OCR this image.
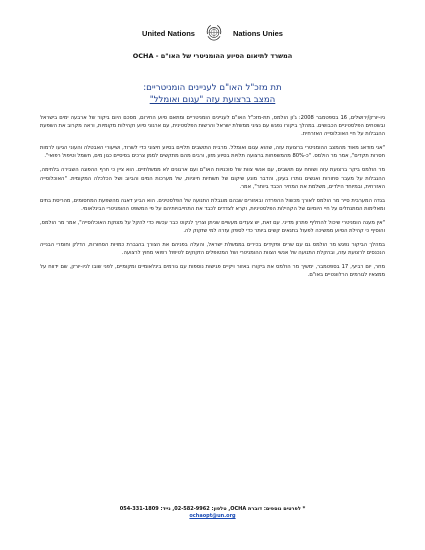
United Nations	Nations Unies
המשרד לתיאום הסיוע ההומניטרי של האו"ם - OCHA
תת מזכ"ל האו"ם לעניינים הומניטריים:
המצב ברצועת עזה "עגום ואומלל"

ניו-יורק/ירושלים, 16 בספטמבר 2008: ג'ון הולמס, תת-מזכ"ל האו"ם לעניינים הומניטריים ומתאם סיוע החירום, מסכם היום ביקור של ארבעה ימים בישראל ובשטחים הפלסטיניים הכבושים. במהלך ביקורו נפגש עם נציגי ממשלת ישראל והרשות הפלסטינית, עם ארגוני סיוע וקהילות מקומיות, וראה מקרוב את השפעת ההגבלות על חיי האוכלוסייה האזרחית.

"אני מודאג מאוד מהמצב ההומניטרי ברצועת עזה, שהוא עגום ואומלל. מרבית התושבים תלויים בסיוע חיצוני כדי לשרוד, ושיעורי האבטלה והעוני הגיעו לרמות חסרות תקדים", אמר מר הולמס. "כ-80% מהמשפחות ברצועה תלויות בסיוע מזון, ורבים מהם מתקשים לממן צרכים בסיסיים כגון מים, חשמל וטיפול רפואי".

מר הולמס ביקר ברצועת עזה ושוחח עם תושבים, עם אנשי צוות של סוכנויות האו"ם ועם ארגונים לא ממשלתיים. הוא ציין כי חרף ההפוגה השבירה בלחימה, ההגבלות על מעבר סחורות ואנשים נותרו בעינן, והדבר מונע שיקום של תשתיות חיוניות, של מערכות המים והביוב ושל הכלכלה המקומית. "האוכלוסייה האזרחית, ובמיוחד הילדים, משלמת את המחיר הכבד ביותר", אמר.

בגדה המערבית סייר מר הולמס לאורך מכשול ההפרדה ובאזורים שבהם מוגבלת התנועה של הפלסטינים. הוא הביע דאגה מהשפעת המחסומים, מהריסת בתים ומאלימות המתנחלים על חיי היומיום של הקהילות הפלסטיניות, וקרא לצדדים לכבד את התחייבויותיהם על פי המשפט ההומניטרי הבינלאומי.

"אין מענה הומניטרי שיכול להחליף פתרון מדיני. עם זאת, יש צעדים מעשיים שניתן וצריך לנקוט כבר עכשיו כדי להקל על מצוקת האוכלוסייה", אמר מר הולמס, והוסיף כי קהילת הסיוע ממשיכה לפעול בתנאים קשים ביותר כדי לספק עזרה למי שזקוק לה.

במהלך הביקור נפגש מר הולמס גם עם שרים ופקידים בכירים בממשלת ישראל, והעלה בפניהם את הצורך בהגברת כמויות הסחורות, הדלק וחומרי הבנייה הנכנסים לרצועת עזה, ובהקלת התנועה של אנשי הצוות ההומניטרי ושל המטופלים הזקוקים לטיפול רפואי מחוץ לרצועה.

מחר, יום רביעי, 17 בספטמבר, ימשיך מר הולמס את ביקורו באזור ויקיים פגישות נוספות עם גורמים בינלאומיים ומקומיים, לפני שובו לניו-יורק, שם ידווח על ממצאיו לגורמים הרלוונטיים באו"ם.

* לפרטים נוספים: דוברת OCHA, טלפון: 02-582-9962, נייד: 054-331-1809
ochaopt@un.org
